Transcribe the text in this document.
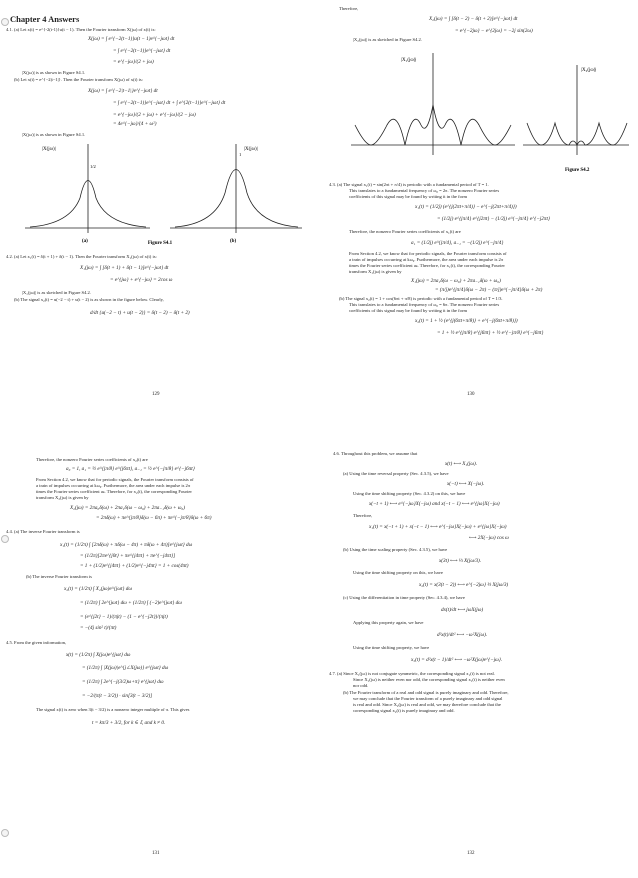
Chapter 4 Answers
4.1. (a) Let x(t) = e^{-2(t-1)}u(t − 1). Then the Fourier transform X(jω) of x(t) is:
X(jω) = ∫ e^{−2(t−1)}u(t − 1)e^{−jωt} dt
= ∫ e^{−2(t−1)}e^{−jωt} dt
= e^{−jω}/(2 + jω)
|X(jω)| is as shown in Figure S4.1.
(b) Let x(t) = e^{−2|t−1|}. Then the Fourier transform X(jω) of x(t) is:
X(jω) = ∫ e^{−2|t−1|}e^{−jωt} dt
= ∫ e^{−2(t−1)}e^{−jωt} dt + ∫ e^{2(t−1)}e^{−jωt} dt
= e^{−jω}/(2 + jω) + e^{−jω}/(2 − jω)
= 4e^{−jω}/(4 + ω²)
|X(jω)| is as shown in Figure S4.1.
|X(jω)|	|X(jω)|
1/2
1
(a)	(b)
Figure S4.1
4.2. (a) Let x₁(t) = δ(t + 1) + δ(t − 1). Then the Fourier transform X₁(jω) of x(t) is:
X₁(jω) = ∫ [δ(t + 1) + δ(t − 1)]e^{−jωt} dt
= e^{jω} + e^{−jω} = 2cos ω
|X₁(jω)| is as sketched in Figure S4.2.
(b) The signal x₂(t) = u(−2 − t) + u(t − 2) is as shown in the figure below. Clearly,
d/dt {u(−2 − t) + u(t − 2)} = δ(t − 2) − δ(t + 2)
129
Therefore,
X₂(jω) = ∫ [δ(t − 2) − δ(t + 2)]e^{−jωt} dt
= e^{−2jω} − e^{2jω} = −2j sin(2ω)
|X₂(jω)| is as sketched in Figure S4.2.
|X₁(jω)|
|X₂(jω)|
Figure S4.2
4.3. (a) The signal x₁(t) = sin(2πt + π/4) is periodic with a fundamental period of T = 1.
This translates to a fundamental frequency of ω₀ = 2π. The nonzero Fourier series
coefficients of this signal may be found by writing it in the form
x₁(t) = (1/2j) (e^{j(2πt+π/4)} − e^{−j(2πt+π/4)})
= (1/2j) e^{jπ/4} e^{j2πt} − (1/2j) e^{−jπ/4} e^{−j2πt}
Therefore, the nonzero Fourier series coefficients of x₁(t) are
a₁ = (1/2j) e^{jπ/4}, a₋₁ = −(1/2j) e^{−jπ/4}
From Section 4.2, we know that for periodic signals, the Fourier transform consists of
a train of impulses occurring at kω₀. Furthermore, the area under each impulse is 2π
times the Fourier series coefficient aₖ. Therefore, for x₁(t), the corresponding Fourier
transform X₁(jω) is given by
X₁(jω) = 2πa₁δ(ω − ω₀) + 2πa₋₁δ(ω + ω₀)
= (π/j)e^{jπ/4}δ(ω − 2π) − (π/j)e^{−jπ/4}δ(ω + 2π)
(b) The signal x₂(t) = 1 + cos(6πt + π/8) is periodic with a fundamental period of T = 1/3.
This translates to a fundamental frequency of ω₀ = 6π. The nonzero Fourier series
coefficients of this signal may be found by writing it in the form
x₂(t) = 1 + ½ (e^{j(6πt+π/8)} + e^{−j(6πt+π/8)})
= 1 + ½ e^{jπ/8} e^{j6πt} + ½ e^{−jπ/8} e^{−j6πt}
130
Therefore, the nonzero Fourier series coefficients of x₂(t) are
a₀ = 1, a₁ = ½ e^{jπ/8} e^{j6πt}, a₋₁ = ½ e^{−jπ/8} e^{−j6πt}
From Section 4.2, we know that for periodic signals, the Fourier transform consists of
a train of impulses occurring at kω₀. Furthermore, the area under each impulse is 2π
times the Fourier series coefficient aₖ. Therefore, for x₂(t), the corresponding Fourier
transform X₂(jω) is given by
X₂(jω) = 2πa₀δ(ω) + 2πa₁δ(ω − ω₀) + 2πa₋₁δ(ω + ω₀)
= 2πδ(ω) + πe^{jπ/8}δ(ω − 6π) + πe^{−jπ/8}δ(ω + 6π)
4.4. (a) The inverse Fourier transform is
x₁(t) = (1/2π) ∫ [2πδ(ω) + πδ(ω − 4π) + πδ(ω + 4π)]e^{jωt} dω
= (1/2π)[2πe^{j0t} + πe^{j4πt} + πe^{−j4πt}]
= 1 + (1/2)e^{j4πt} + (1/2)e^{−j4πt} = 1 + cos(4πt)
(b) The inverse Fourier transform is
x₂(t) = (1/2π) ∫ X₂(jω)e^{jωt} dω
= (1/2π) ∫ 2e^{jωt} dω + (1/2π) ∫ (−2)e^{jωt} dω
= (e^{j2t} − 1)/(πjt) − (1 − e^{−j2t})/(πjt)
= −(4j sin² t)/(πt)
4.5. From the given information,
x(t) = (1/2π) ∫ X(jω)e^{jωt} dω
= (1/2π) ∫ |X(jω)|e^{j∠X(jω)} e^{jωt} dω
= (1/2π) ∫ 2e^{−j(3/2)ω+π} e^{jωt} dω
= −2/(π(t − 3/2)) · sin[3(t − 3/2)]
The signal x(t) is zero when 3(t − 3/2) is a nonzero integer multiple of π. This gives
t = kπ/3 + 3/2, for k ∈ 𝕀, and k ≠ 0.
131
4.6. Throughout this problem, we assume that
x(t) ⟷ X₁(jω).
(a) Using the time reversal property (Sec. 4.3.5), we have
x(−t) ⟷ X(−jω).
Using the time shifting property (Sec. 4.3.2) on this, we have
x(−t + 1) ⟷ e^{−jω}X(−jω) and x(−t − 1) ⟷ e^{jω}X(−jω)
Therefore,
x₁(t) = x(−t + 1) + x(−t − 1) ⟷ e^{−jω}X(−jω) + e^{jω}X(−jω)
⟷ 2X(−jω) cos ω
(b) Using the time scaling property (Sec. 4.3.5), we have
x(3t) ⟷ ⅓ X(jω/3).
Using the time shifting property on this, we have
x₂(t) = x(3(t − 2)) ⟷ e^{−2jω} ⅓ X(jω/3)
(c) Using the differentiation in time property (Sec. 4.3.4), we have
dx(t)/dt ⟷ jωX(jω)
Applying this property again, we have
d²x(t)/dt² ⟷ −ω²X(jω).
Using the time shifting property, we have
x₃(t) = d²x(t − 1)/dt² ⟷ −ω²X(jω)e^{−jω}.
4.7. (a) Since X₁(jω) is not conjugate symmetric, the corresponding signal x₁(t) is not real.
Since X₁(jω) is neither even nor odd, the corresponding signal x₁(t) is neither even
nor odd.
(b) The Fourier transform of a real and odd signal is purely imaginary and odd. Therefore,
we may conclude that the Fourier transform of a purely imaginary and odd signal
is real and odd. Since X₂(jω) is real and odd, we may therefore conclude that the
corresponding signal x₂(t) is purely imaginary and odd.
132
